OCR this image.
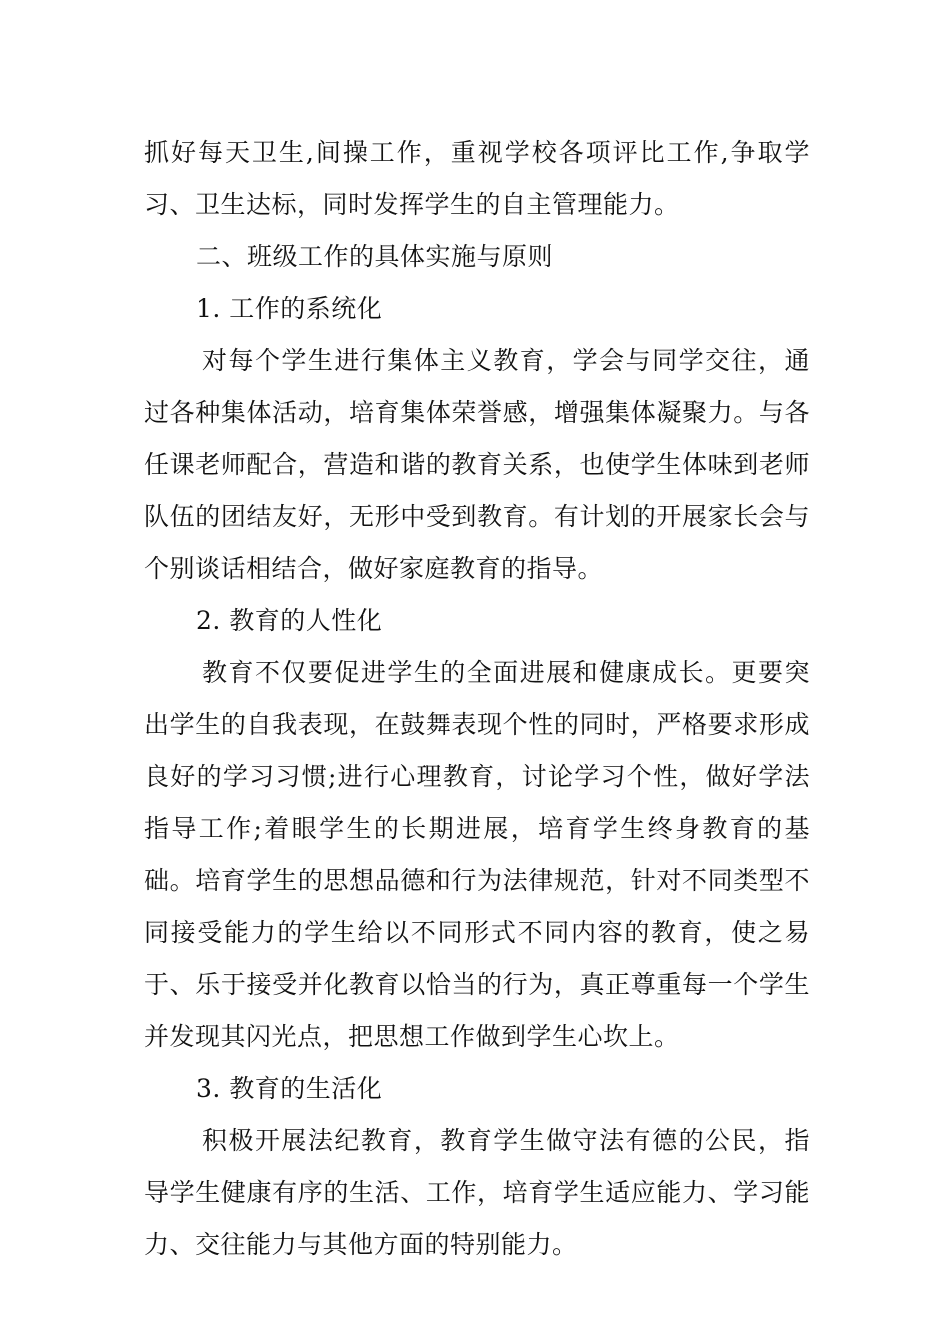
抓好每天卫生,间操工作，重视学校各项评比工作,争取学习、卫生达标，同时发挥学生的自主管理能力。

二、班级工作的具体实施与原则

1. 工作的系统化

对每个学生进行集体主义教育，学会与同学交往，通过各种集体活动，培育集体荣誉感，增强集体凝聚力。与各任课老师配合，营造和谐的教育关系，也使学生体味到老师队伍的团结友好，无形中受到教育。有计划的开展家长会与个别谈话相结合，做好家庭教育的指导。

2. 教育的人性化

教育不仅要促进学生的全面进展和健康成长。更要突出学生的自我表现，在鼓舞表现个性的同时，严格要求形成良好的学习习惯;进行心理教育，讨论学习个性，做好学法指导工作;着眼学生的长期进展，培育学生终身教育的基础。培育学生的思想品德和行为法律规范，针对不同类型不同接受能力的学生给以不同形式不同内容的教育，使之易于、乐于接受并化教育以恰当的行为，真正尊重每一个学生并发现其闪光点，把思想工作做到学生心坎上。

3. 教育的生活化

积极开展法纪教育，教育学生做守法有德的公民，指导学生健康有序的生活、工作，培育学生适应能力、学习能力、交往能力与其他方面的特别能力。
